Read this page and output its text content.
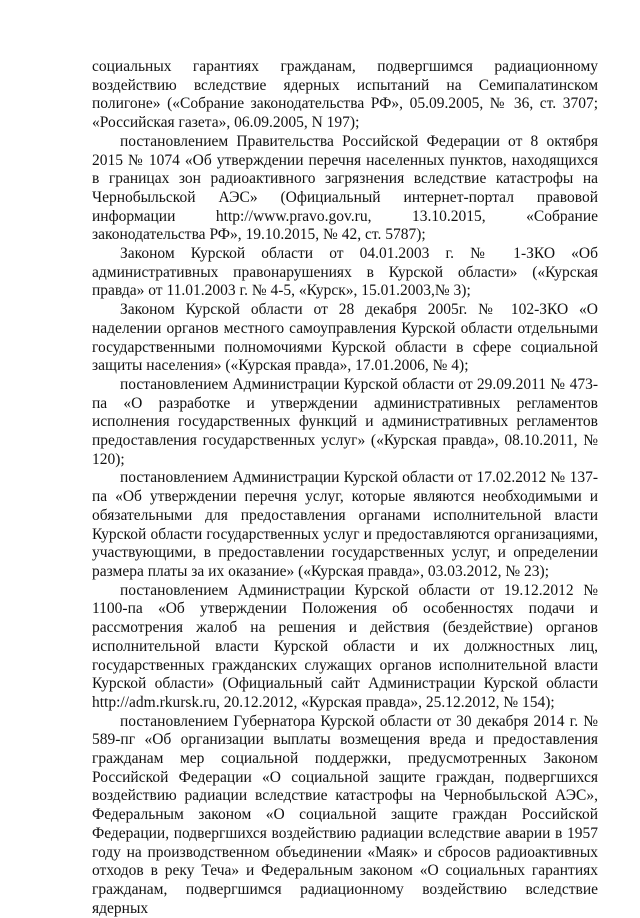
социальных гарантиях гражданам, подвергшимся радиационному воздействию вследствие ядерных испытаний на Семипалатинском полигоне» («Собрание законодательства РФ», 05.09.2005, № 36, ст. 3707; «Российская газета», 06.09.2005, N 197);

постановлением Правительства Российской Федерации от 8 октября 2015 № 1074 «Об утверждении перечня населенных пунктов, находящихся в границах зон радиоактивного загрязнения вследствие катастрофы на Чернобыльской АЭС» (Официальный интернет-портал правовой информации http://www.pravo.gov.ru, 13.10.2015, «Собрание законодательства РФ», 19.10.2015, № 42, ст. 5787);

Законом Курской области от 04.01.2003 г. № 1-ЗКО «Об административных правонарушениях в Курской области» («Курская правда» от 11.01.2003 г. № 4-5, «Курск», 15.01.2003,№ 3);

Законом Курской области от 28 декабря 2005г. № 102-ЗКО «О наделении органов местного самоуправления Курской области отдельными государственными полномочиями Курской области в сфере социальной защиты населения» («Курская правда», 17.01.2006, № 4);

постановлением Администрации Курской области от 29.09.2011 № 473-па «О разработке и утверждении административных регламентов исполнения государственных функций и административных регламентов предоставления государственных услуг» («Курская правда», 08.10.2011, № 120);

постановлением Администрации Курской области от 17.02.2012 № 137-па «Об утверждении перечня услуг, которые являются необходимыми и обязательными для предоставления органами исполнительной власти Курской области государственных услуг и предоставляются организациями, участвующими, в предоставлении государственных услуг, и определении размера платы за их оказание» («Курская правда», 03.03.2012, № 23);

постановлением Администрации Курской области от 19.12.2012 № 1100-па «Об утверждении Положения об особенностях подачи и рассмотрения жалоб на решения и действия (бездействие) органов исполнительной власти Курской области и их должностных лиц, государственных гражданских служащих органов исполнительной власти Курской области» (Официальный сайт Администрации Курской области http://adm.rkursk.ru, 20.12.2012, «Курская правда», 25.12.2012, № 154);

постановлением Губернатора Курской области от 30 декабря 2014 г. № 589-пг «Об организации выплаты возмещения вреда и предоставления гражданам мер социальной поддержки, предусмотренных Законом Российской Федерации «О социальной защите граждан, подвергшихся воздействию радиации вследствие катастрофы на Чернобыльской АЭС», Федеральным законом «О социальной защите граждан Российской Федерации, подвергшихся воздействию радиации вследствие аварии в 1957 году на производственном объединении «Маяк» и сбросов радиоактивных отходов в реку Теча» и Федеральным законом «О социальных гарантиях гражданам, подвергшимся радиационному воздействию вследствие ядерных
